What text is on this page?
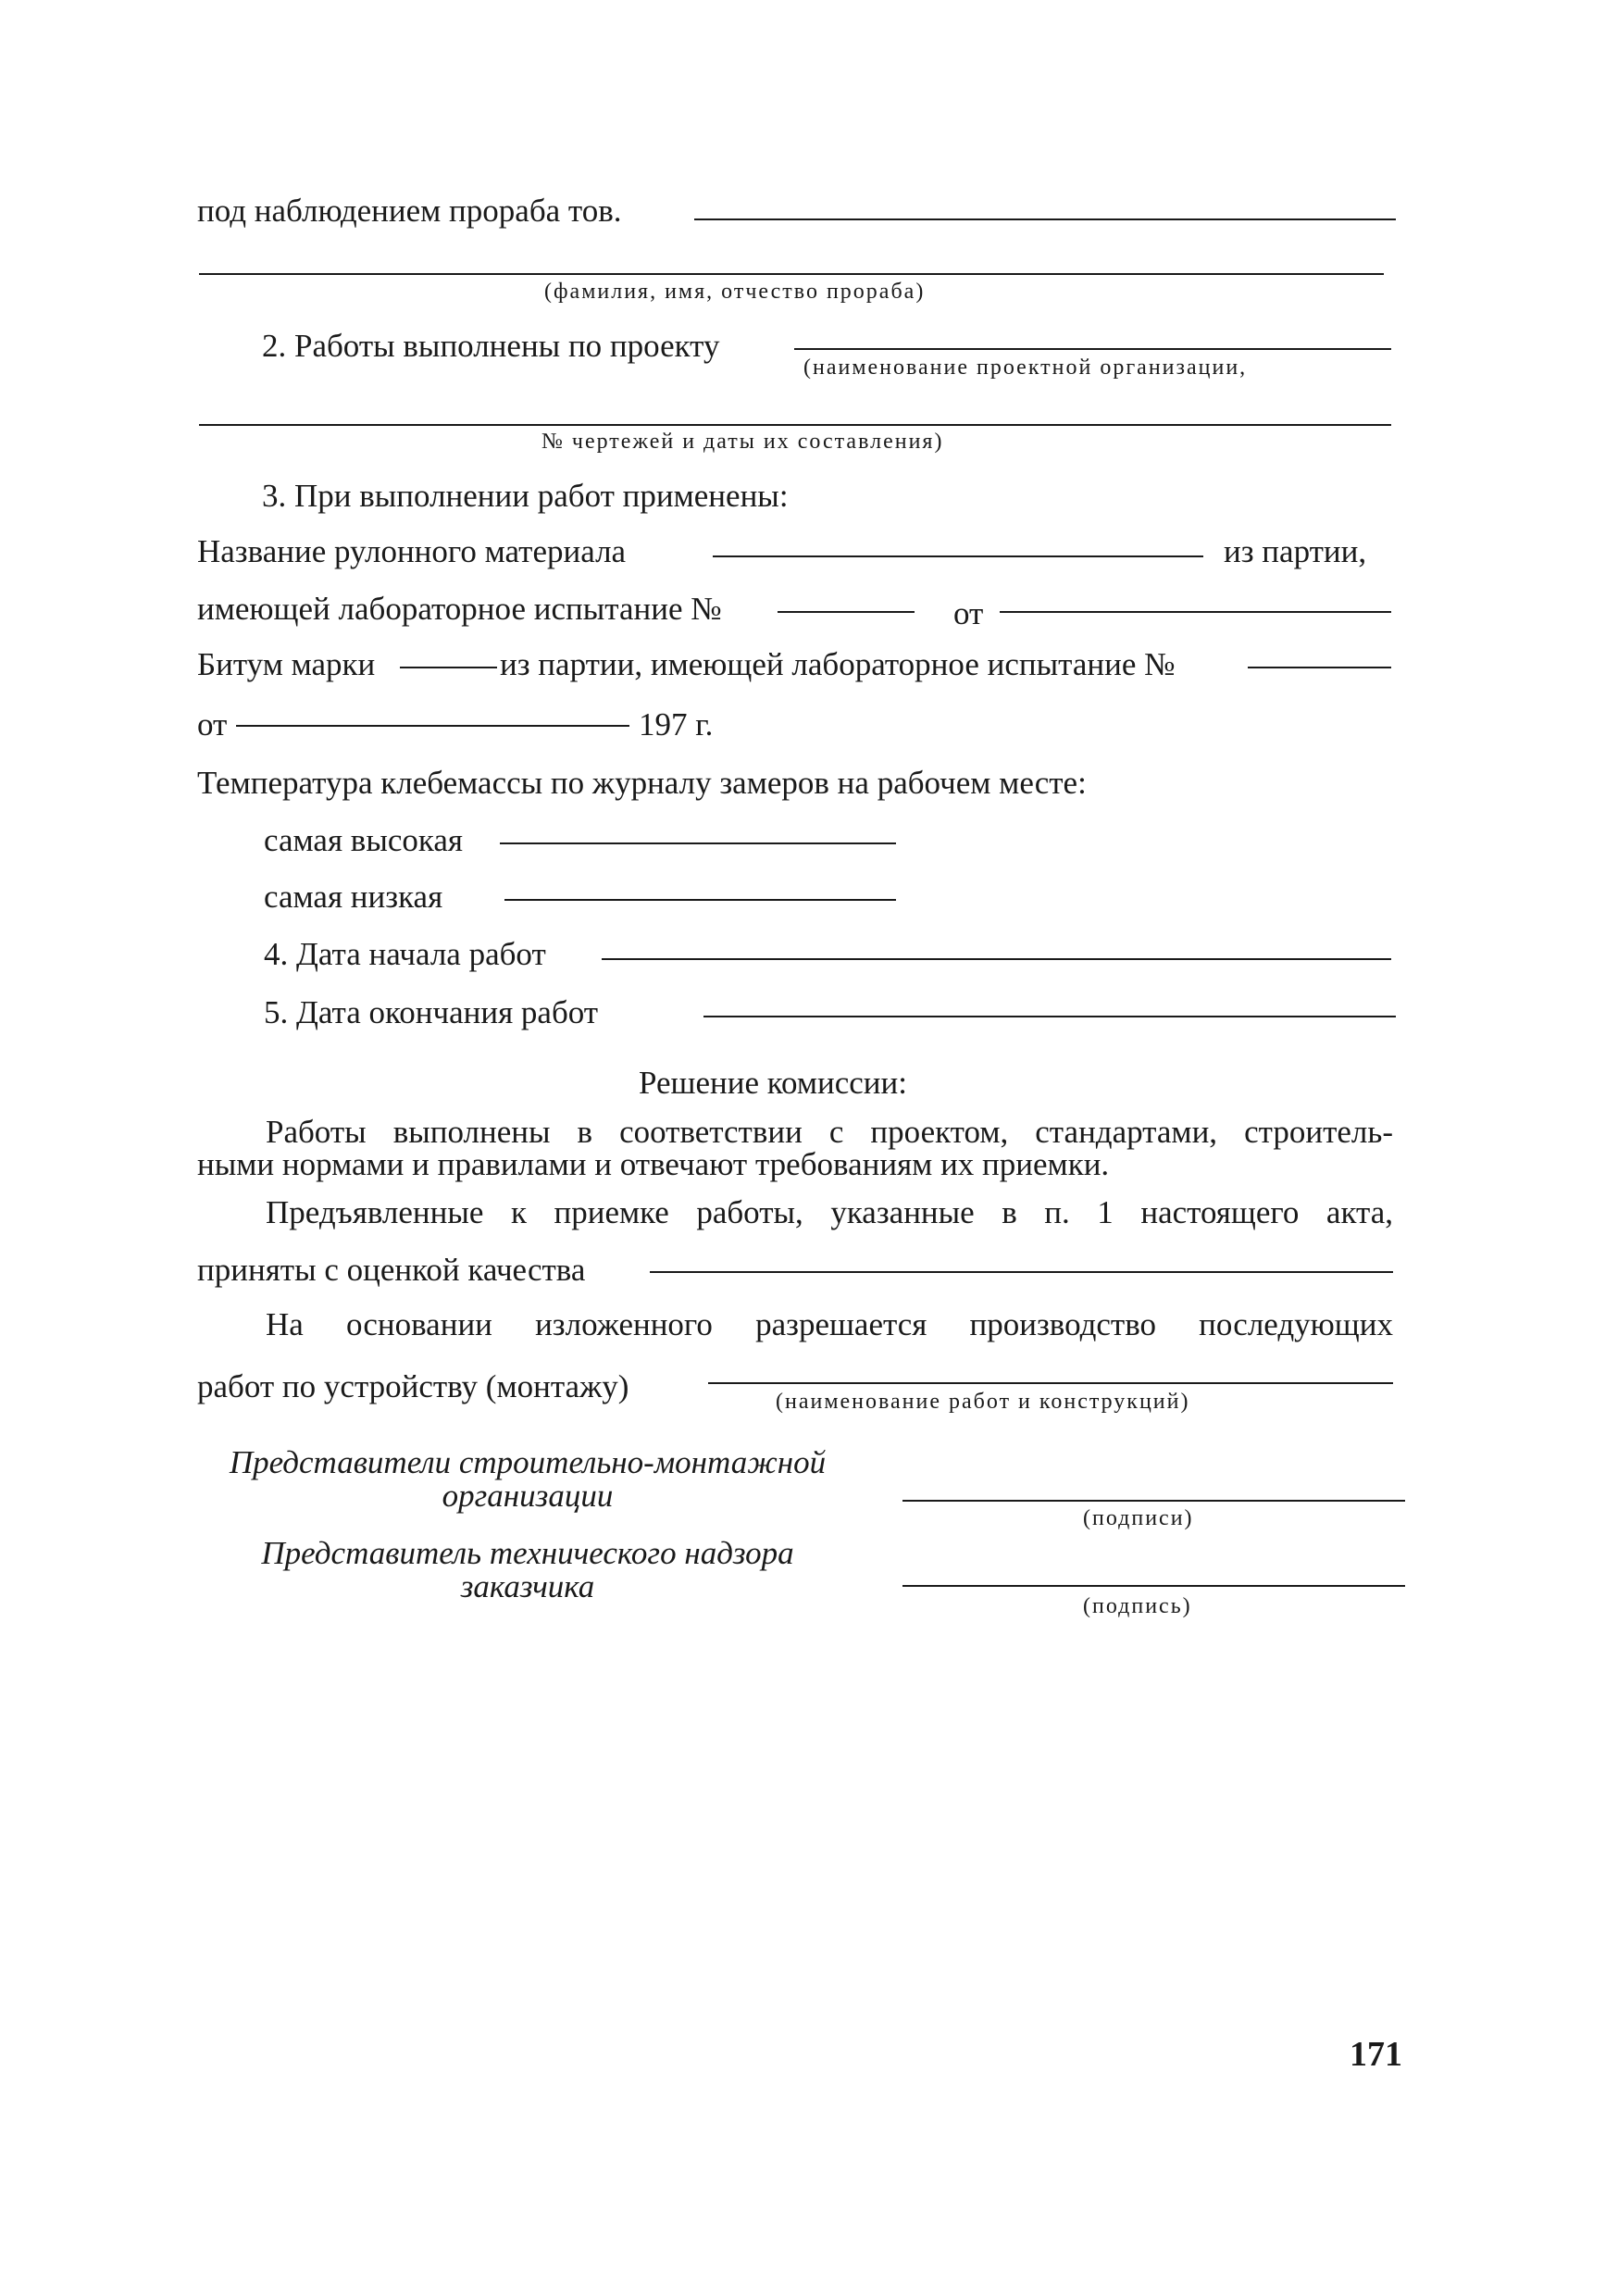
под наблюдением прораба тов.
(фамилия, имя, отчество прораба)
2. Работы выполнены по проекту
(наименование проектной организации,
№ чертежей и даты их составления)
3. При выполнении работ применены:
Название рулонного материала	из партии,
имеющей лабораторное испытание №	от
Битум марки	из партии, имеющей лабораторное испытание №
от	197 г.
Температура клебемассы по журналу замеров на рабочем месте:
самая высокая
самая низкая
4. Дата начала работ
5. Дата окончания работ
Решение комиссии:
Работы выполнены в соответствии с проектом, стандартами, строитель-
ными нормами и правилами и отвечают требованиям их приемки.
Предъявленные к приемке работы, указанные в п. 1 настоящего акта,
приняты с оценкой качества
На основании изложенного разрешается производство последующих
работ по устройству (монтажу)	(наименование работ и конструкций)
Представители строительно-монтажной
организации
(подписи)
Представитель технического надзора
заказчика
(подпись)
171
